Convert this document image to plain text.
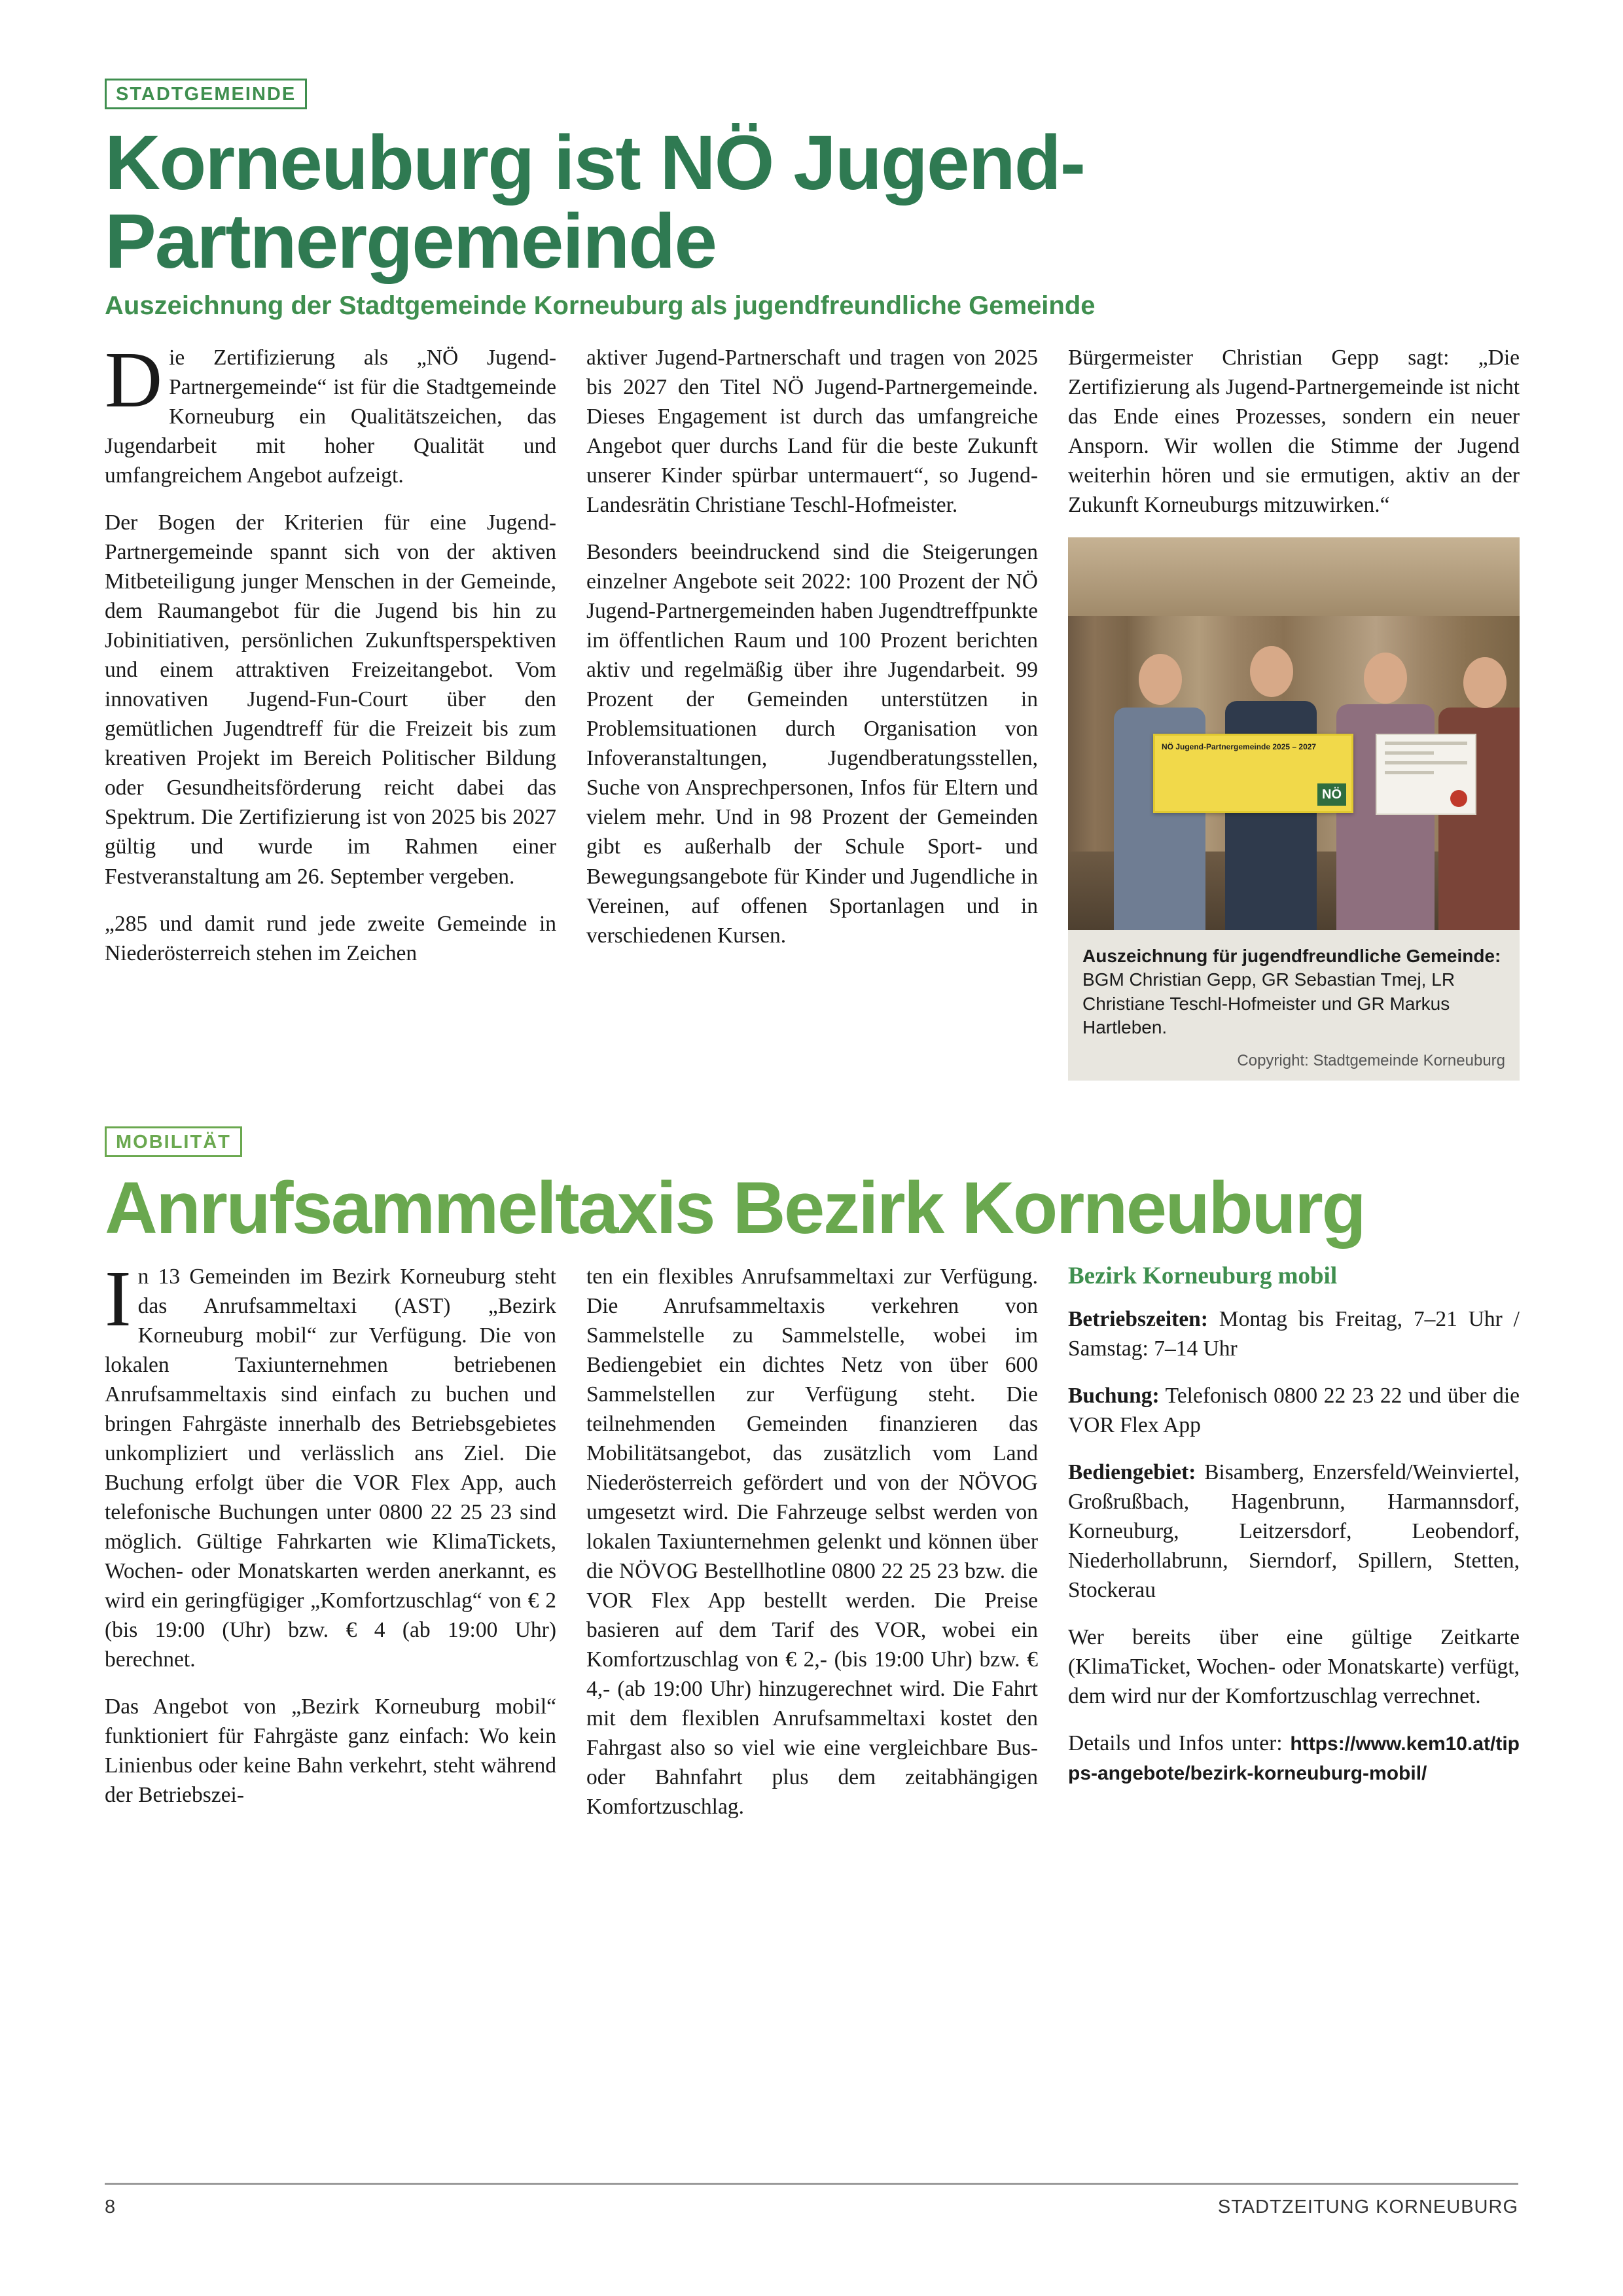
STADTGEMEINDE
Korneuburg ist NÖ Jugend-Partnergemeinde
Auszeichnung der Stadtgemeinde Korneuburg als jugendfreundliche Gemeinde

Die Zertifizierung als „NÖ Jugend-Partnergemeinde“ ist für die Stadtgemeinde Korneuburg ein Qualitätszeichen, das Jugendarbeit mit hoher Qualität und umfangreichem Angebot aufzeigt.

Der Bogen der Kriterien für eine Jugend-Partnergemeinde spannt sich von der aktiven Mitbeteiligung junger Menschen in der Gemeinde, dem Raumangebot für die Jugend bis hin zu Jobinitiativen, persönlichen Zukunftsperspektiven und einem attraktiven Freizeitangebot. Vom innovativen Jugend-Fun-Court über den gemütlichen Jugendtreff für die Freizeit bis zum kreativen Projekt im Bereich Politischer Bildung oder Gesundheitsförderung reicht dabei das Spektrum. Die Zertifizierung ist von 2025 bis 2027 gültig und wurde im Rahmen einer Festveranstaltung am 26. September vergeben.

„285 und damit rund jede zweite Gemeinde in Niederösterreich stehen im Zeichen

aktiver Jugend-Partnerschaft und tragen von 2025 bis 2027 den Titel NÖ Jugend-Partnergemeinde. Dieses Engagement ist durch das umfangreiche Angebot quer durchs Land für die beste Zukunft unserer Kinder spürbar untermauert“, so Jugend-Landesrätin Christiane Teschl-Hofmeister.

Besonders beeindruckend sind die Steigerungen einzelner Angebote seit 2022: 100 Prozent der NÖ Jugend-Partnergemeinden haben Jugendtreffpunkte im öffentlichen Raum und 100 Prozent berichten aktiv und regelmäßig über ihre Jugendarbeit. 99 Prozent der Gemeinden unterstützen in Problemsituationen durch Organisation von Infoveranstaltungen, Jugendberatungsstellen, Suche von Ansprechpersonen, Infos für Eltern und vielem mehr. Und in 98 Prozent der Gemeinden gibt es außerhalb der Schule Sport- und Bewegungsangebote für Kinder und Jugendliche in Vereinen, auf offenen Sportanlagen und in verschiedenen Kursen.

Bürgermeister Christian Gepp sagt: „Die Zertifizierung als Jugend-Partnergemeinde ist nicht das Ende eines Prozesses, sondern ein neuer Ansporn. Wir wollen die Stimme der Jugend weiterhin hören und sie ermutigen, aktiv an der Zukunft Korneuburgs mitzuwirken.“

NÖ Jugend-Partnergemeinde 2025 – 2027
NÖ
Auszeichnung für jugendfreundliche Gemeinde: BGM Christian Gepp, GR Sebastian Tmej, LR Christiane Teschl-Hofmeister und GR Markus Hartleben.
Copyright: Stadtgemeinde Korneuburg
MOBILITÄT
Anrufsammeltaxis Bezirk Korneuburg

In 13 Gemeinden im Bezirk Korneuburg steht das Anrufsammeltaxi (AST) „Bezirk Korneuburg mobil“ zur Verfügung. Die von lokalen Taxiunternehmen betriebenen Anrufsammeltaxis sind einfach zu buchen und bringen Fahrgäste innerhalb des Betriebsgebietes unkompliziert und verlässlich ans Ziel. Die Buchung erfolgt über die VOR Flex App, auch telefonische Buchungen unter 0800 22 25 23 sind möglich. Gültige Fahrkarten wie KlimaTickets, Wochen- oder Monatskarten werden anerkannt, es wird ein geringfügiger „Komfortzuschlag“ von € 2 (bis 19:00 (Uhr) bzw. € 4 (ab 19:00 Uhr) berechnet.

Das Angebot von „Bezirk Korneuburg mobil“ funktioniert für Fahrgäste ganz einfach: Wo kein Linienbus oder keine Bahn verkehrt, steht während der Betriebszei-

ten ein flexibles Anrufsammeltaxi zur Verfügung. Die Anrufsammeltaxis verkehren von Sammelstelle zu Sammelstelle, wobei im Bediengebiet ein dichtes Netz von über 600 Sammelstellen zur Verfügung steht. Die teilnehmenden Gemeinden finanzieren das Mobilitätsangebot, das zusätzlich vom Land Niederösterreich gefördert und von der NÖVOG umgesetzt wird. Die Fahrzeuge selbst werden von lokalen Taxiunternehmen gelenkt und können über die NÖVOG Bestellhotline 0800 22 25 23 bzw. die VOR Flex App bestellt werden. Die Preise basieren auf dem Tarif des VOR, wobei ein Komfortzuschlag von € 2,- (bis 19:00 Uhr) bzw. € 4,- (ab 19:00 Uhr) hinzugerechnet wird. Die Fahrt mit dem flexiblen Anrufsammeltaxi kostet den Fahrgast also so viel wie eine vergleichbare Bus- oder Bahnfahrt plus dem zeitabhängigen Komfortzuschlag.

Bezirk Korneuburg mobil

Betriebszeiten: Montag bis Freitag, 7–21 Uhr / Samstag: 7–14 Uhr

Buchung: Telefonisch 0800 22 23 22 und über die VOR Flex App

Bediengebiet: Bisamberg, Enzersfeld/Weinviertel, Großrußbach, Hagenbrunn, Harmannsdorf, Korneuburg, Leitzersdorf, Leobendorf, Niederhollabrunn, Sierndorf, Spillern, Stetten, Stockerau

Wer bereits über eine gültige Zeitkarte (KlimaTicket, Wochen- oder Monatskarte) verfügt, dem wird nur der Komfortzuschlag verrechnet.

Details und Infos unter: https://www.kem10.at/tipps-angebote/bezirk-korneuburg-mobil/

8	STADTZEITUNG KORNEUBURG
